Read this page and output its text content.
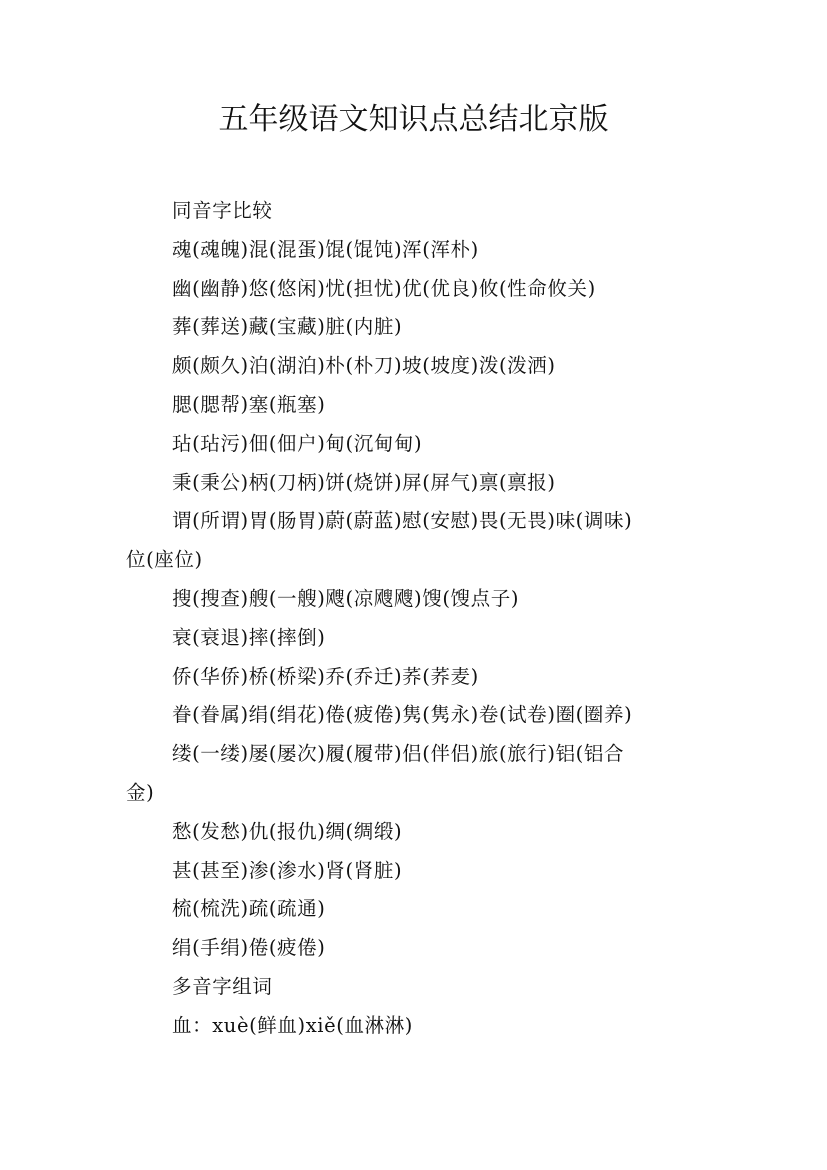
五年级语文知识点总结北京版
同音字比较
魂(魂魄)混(混蛋)馄(馄饨)浑(浑朴)
幽(幽静)悠(悠闲)忧(担忧)优(优良)攸(性命攸关)
葬(葬送)藏(宝藏)脏(内脏)
颇(颇久)泊(湖泊)朴(朴刀)坡(坡度)泼(泼洒)
腮(腮帮)塞(瓶塞)
玷(玷污)佃(佃户)甸(沉甸甸)
秉(秉公)柄(刀柄)饼(烧饼)屏(屏气)禀(禀报)
谓(所谓)胃(肠胃)蔚(蔚蓝)慰(安慰)畏(无畏)味(调味)
位(座位)
搜(搜查)艘(一艘)飕(凉飕飕)馊(馊点子)
衰(衰退)摔(摔倒)
侨(华侨)桥(桥梁)乔(乔迁)荞(荞麦)
眷(眷属)绢(绢花)倦(疲倦)隽(隽永)卷(试卷)圈(圈养)
缕(一缕)屡(屡次)履(履带)侣(伴侣)旅(旅行)铝(铝合
金)
愁(发愁)仇(报仇)绸(绸缎)
甚(甚至)渗(渗水)肾(肾脏)
梳(梳洗)疏(疏通)
绢(手绢)倦(疲倦)
多音字组词
血：xuè(鲜血)xiě(血淋淋)
